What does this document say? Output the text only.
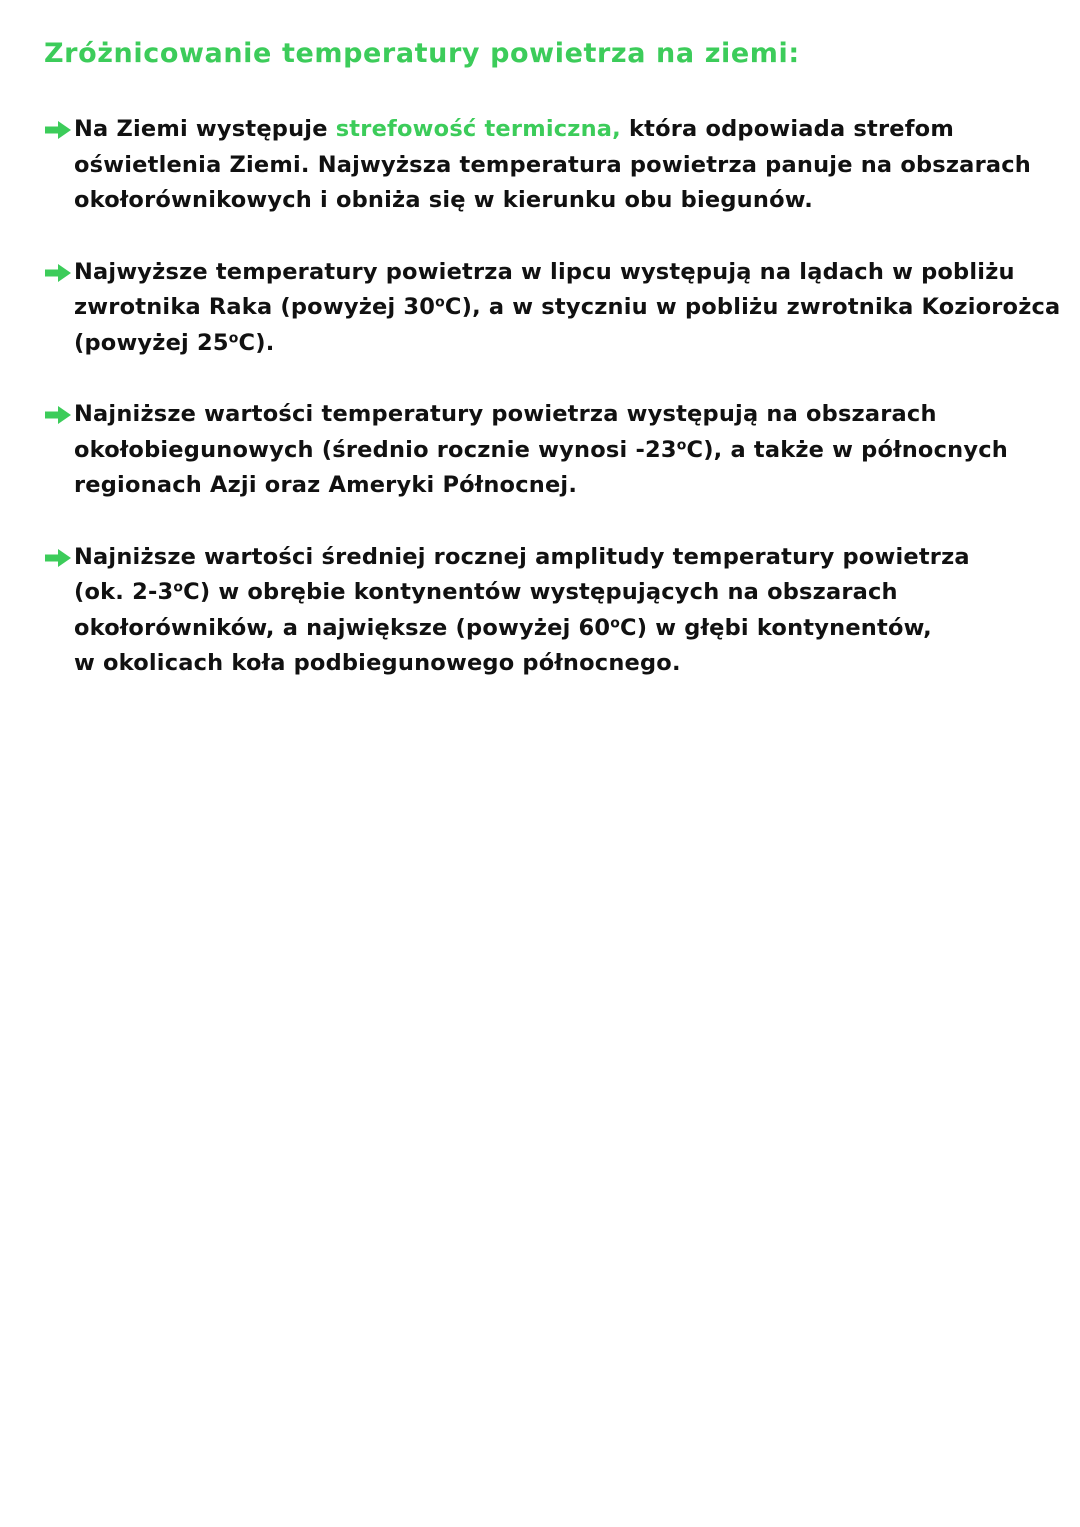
Zróżnicowanie temperatury powietrza na ziemi:
Na Ziemi występuje strefowość termiczna, która odpowiada strefom
oświetlenia Ziemi. Najwyższa temperatura powietrza panuje na obszarach
okołorównikowych i obniża się w kierunku obu biegunów.
Najwyższe temperatury powietrza w lipcu występują na lądach w pobliżu
zwrotnika Raka (powyżej 30$^o$C), a w styczniu w pobliżu zwrotnika Koziorożca
(powyżej 25$^o$C).
Najniższe wartości temperatury powietrza występują na obszarach
okołobiegunowych (średnio rocznie wynosi -23$^o$C), a także w północnych
regionach Azji oraz Ameryki Północnej.
Najniższe wartości średniej rocznej amplitudy temperatury powietrza
(ok. 2-3$^o$C) w obrębie kontynentów występujących na obszarach
okołorówników, a największe (powyżej 60$^o$C) w głębi kontynentów,
w okolicach koła podbiegunowego północnego.
